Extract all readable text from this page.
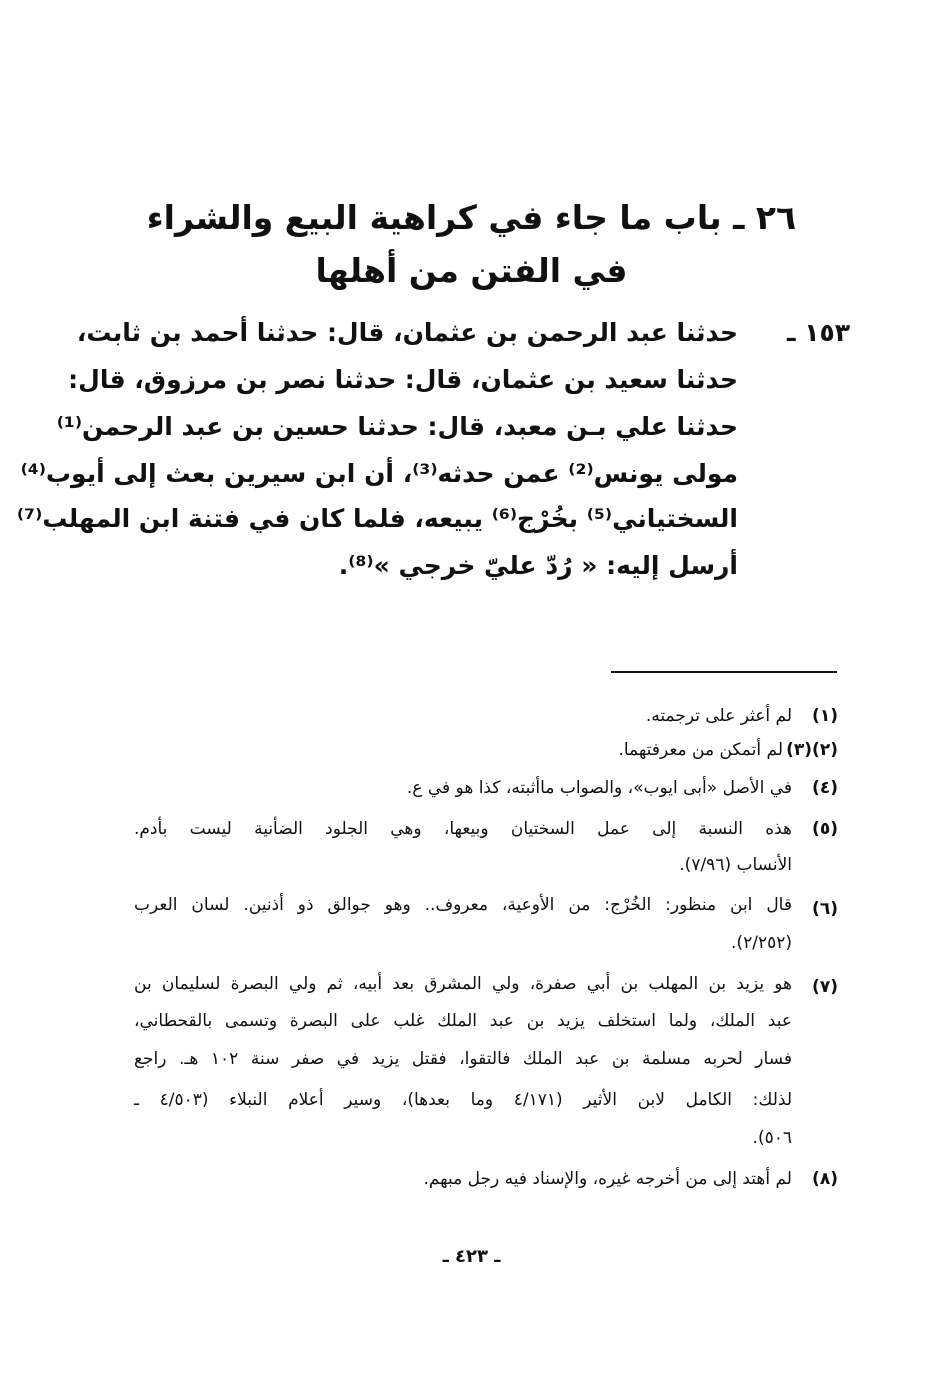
٢٦ ـ باب ما جاء في كراهية البيع والشراء
في الفتن من أهلها
١٥٣ ـ
حدثنا عبد الرحمن بن عثمان، قال: حدثنا أحمد بن ثابت،
حدثنا سعيد بن عثمان، قال: حدثنا نصر بن مرزوق، قال:
حدثنا علي بـن معبد، قال: حدثنا حسين بن عبد الرحمن⁽¹⁾
مولى يونس⁽²⁾ عمن حدثه⁽³⁾، أن ابن سيرين بعث إلى أيوب⁽⁴⁾
السختياني⁽⁵⁾ بخُرْج⁽⁶⁾ يبيعه، فلما كان في فتنة ابن المهلب⁽⁷⁾
أرسل إليه: « رُدّ عليّ خرجي »⁽⁸⁾.
(١)
لم أعثر على ترجمته.
(٢)(٣)
لم أتمكن من معرفتهما.
(٤)
في الأصل «أبى ايوب»، والصواب ماأثبته، كذا هو في ع.
(٥)
هذه النسبة إلى عمل السختيان وبيعها، وهي الجلود الضأنية ليست بأدم.
الأنساب (٧/٩٦).
(٦)
قال ابن منظور: الخُرْج: من الأوعية، معروف.. وهو جوالق ذو أذنين. لسان العرب
(٢/٢٥٢).
(٧)
هو يزيد بن المهلب بن أبي صفرة، ولي المشرق بعد أبيه، ثم ولي البصرة لسليمان بن
عبد الملك، ولما استخلف يزيد بن عبد الملك غلب على البصرة وتسمى بالقحطاني،
فسار لحربه مسلمة بن عبد الملك فالتقوا، فقتل يزيد في صفر سنة ١٠٢ هـ. راجع
لذلك: الكامل لابن الأثير (٤/١٧١ وما بعدها)، وسير أعلام النبلاء (٤/٥٠٣ ـ
٥٠٦).
(٨)
لم أهتد إلى من أخرجه غيره، والإسناد فيه رجل مبهم.
ـ ٤٢٣ ـ
